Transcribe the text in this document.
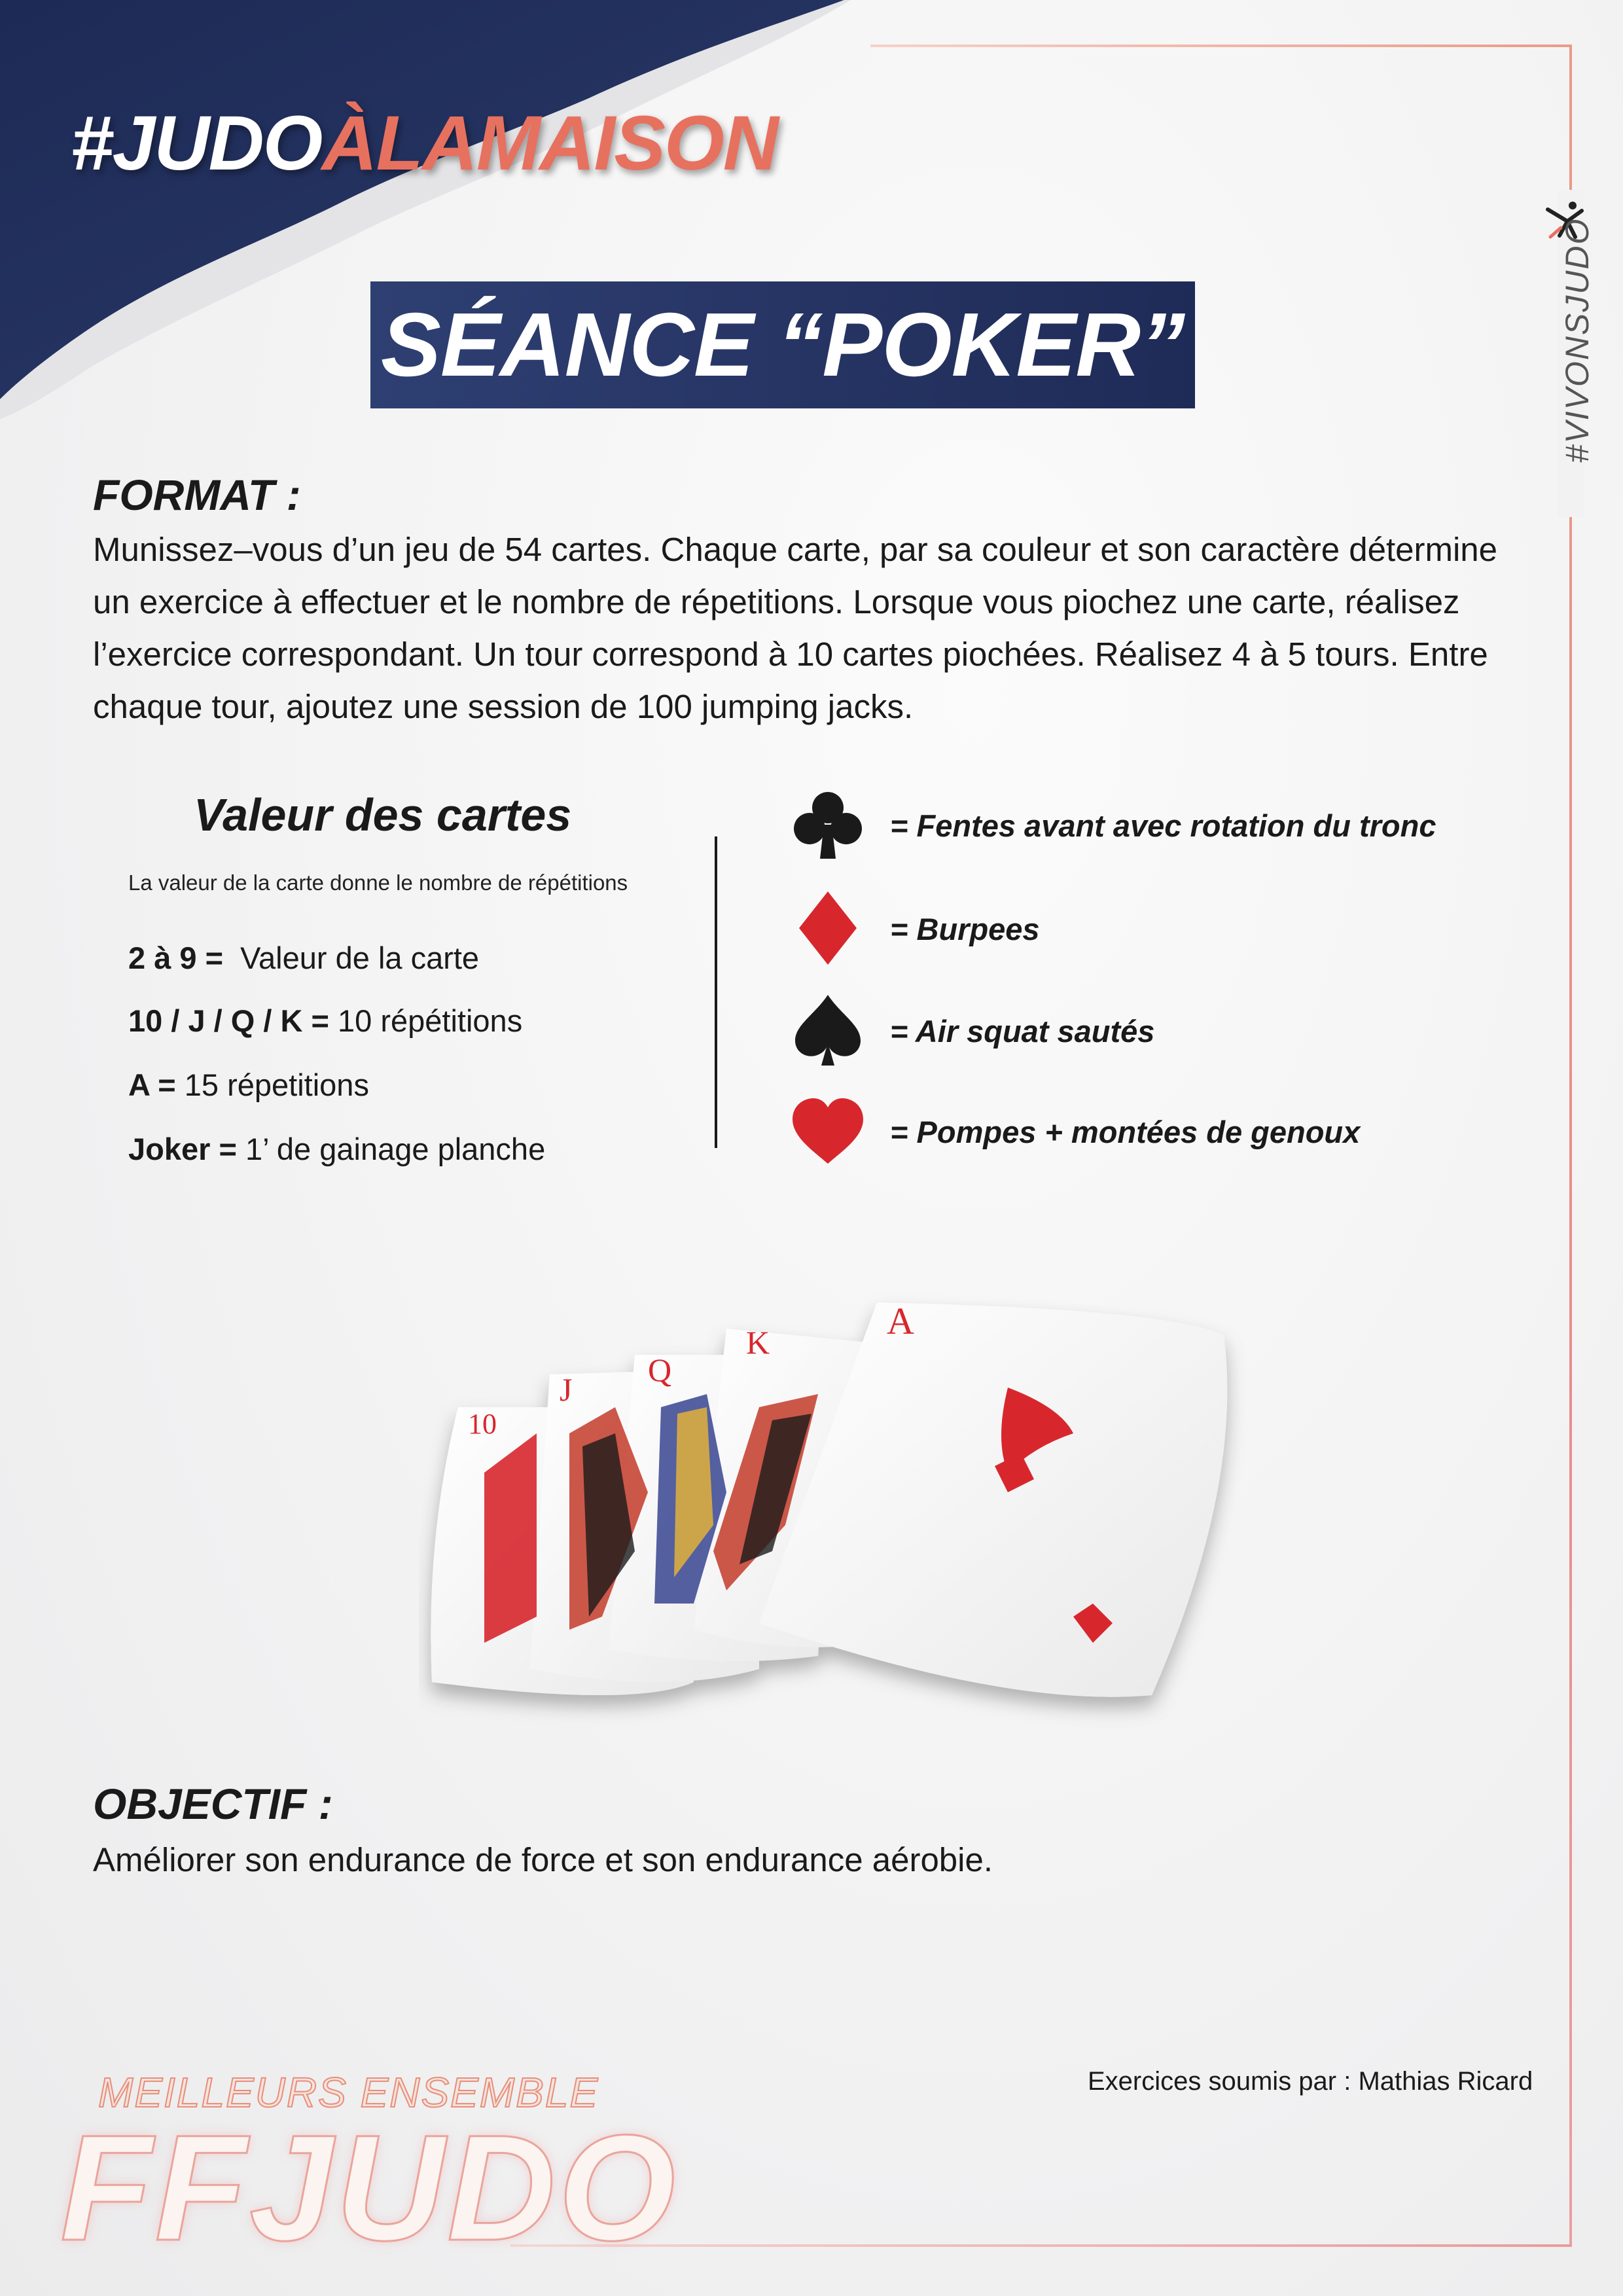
#JUDOÀLAMAISON
#VIVONSJUDO
SÉANCE “POKER”
FORMAT :
Munissez–vous d’un jeu de 54 cartes. Chaque carte, par sa couleur et son caractère détermine un exercice à effectuer et le nombre de répetitions. Lorsque vous piochez une carte, réalisez l’exercice correspondant. Un tour correspond à 10 cartes piochées. Réalisez 4 à 5 tours. Entre chaque tour, ajoutez une session de 100 jumping jacks.
Valeur des cartes
La valeur de la carte donne le nombre de répétitions
2 à 9 = Valeur de la carte
10 / J / Q / K = 10 répétitions
A = 15 répetitions
Joker = 1’ de gainage planche
= Fentes avant avec rotation du tronc
= Burpees
= Air squat sautés
= Pompes + montées de genoux
10
J
Q
K	A
OBJECTIF :
Améliorer son endurance de force et son endurance aérobie.
Exercices soumis par : Mathias Ricard
MEILLEURS ENSEMBLE
FFJUDO
